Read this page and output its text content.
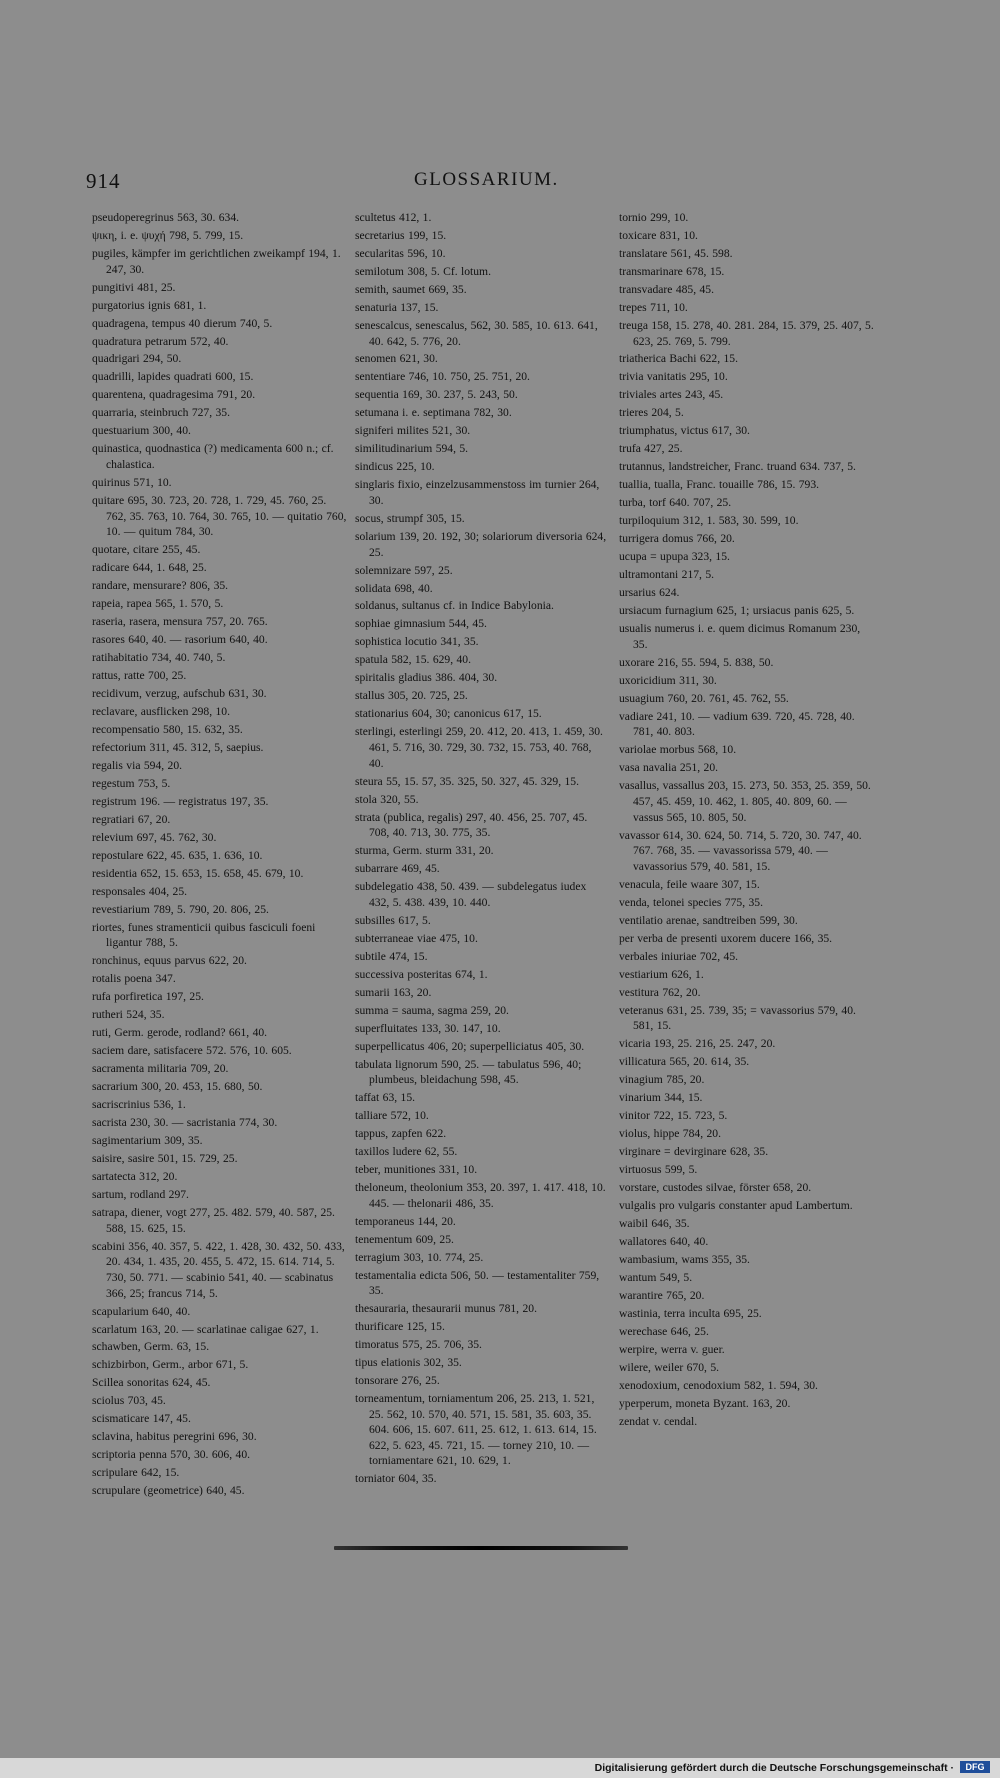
914	GLOSSARIUM.
pseudoperegrinus 563, 30. 634.
ψικη, i. e. ψυχή 798, 5. 799, 15.
pugiles, kämpfer im gerichtlichen zweikampf 194, 1. 247, 30.
pungitivi 481, 25.
purgatorius ignis 681, 1.
quadragena, tempus 40 dierum 740, 5.
quadratura petrarum 572, 40.
quadrigari 294, 50.
quadrilli, lapides quadrati 600, 15.
quarentena, quadragesima 791, 20.
quarraria, steinbruch 727, 35.
questuarium 300, 40.
quinastica, quodnastica (?) medicamenta 600 n.; cf. chalastica.
quirinus 571, 10.
quitare 695, 30. 723, 20. 728, 1. 729, 45. 760, 25. 762, 35. 763, 10. 764, 30. 765, 10. — quitatio 760, 10. — quitum 784, 30.
quotare, citare 255, 45.
radicare 644, 1. 648, 25.
randare, mensurare? 806, 35.
rapeia, rapea 565, 1. 570, 5.
raseria, rasera, mensura 757, 20. 765.
rasores 640, 40. — rasorium 640, 40.
ratihabitatio 734, 40. 740, 5.
rattus, ratte 700, 25.
recidivum, verzug, aufschub 631, 30.
reclavare, ausflicken 298, 10.
recompensatio 580, 15. 632, 35.
refectorium 311, 45. 312, 5, saepius.
regalis via 594, 20.
regestum 753, 5.
registrum 196. — registratus 197, 35.
regratiari 67, 20.
relevium 697, 45. 762, 30.
repostulare 622, 45. 635, 1. 636, 10.
residentia 652, 15. 653, 15. 658, 45. 679, 10.
responsales 404, 25.
revestiarium 789, 5. 790, 20. 806, 25.
riortes, funes stramenticii quibus fasciculi foeni ligantur 788, 5.
ronchinus, equus parvus 622, 20.
rotalis poena 347.
rufa porfiretica 197, 25.
rutheri 524, 35.
ruti, Germ. gerode, rodland? 661, 40.
saciem dare, satisfacere 572. 576, 10. 605.
sacramenta militaria 709, 20.
sacrarium 300, 20. 453, 15. 680, 50.
sacriscrinius 536, 1.
sacrista 230, 30. — sacristania 774, 30.
sagimentarium 309, 35.
saisire, sasire 501, 15. 729, 25.
sartatecta 312, 20.
sartum, rodland 297.
satrapa, diener, vogt 277, 25. 482. 579, 40. 587, 25. 588, 15. 625, 15.
scabini 356, 40. 357, 5. 422, 1. 428, 30. 432, 50. 433, 20. 434, 1. 435, 20. 455, 5. 472, 15. 614. 714, 5. 730, 50. 771. — scabinio 541, 40. — scabinatus 366, 25; francus 714, 5.
scapularium 640, 40.
scarlatum 163, 20. — scarlatinae caligae 627, 1.
schawben, Germ. 63, 15.
schizbirbon, Germ., arbor 671, 5.
Scillea sonoritas 624, 45.
sciolus 703, 45.
scismaticare 147, 45.
sclavina, habitus peregrini 696, 30.
scriptoria penna 570, 30. 606, 40.
scripulare 642, 15.
scrupulare (geometrice) 640, 45.
scultetus 412, 1.
secretarius 199, 15.
secularitas 596, 10.
semilotum 308, 5. Cf. lotum.
semith, saumet 669, 35.
senaturia 137, 15.
senescalcus, senescalus, 562, 30. 585, 10. 613. 641, 40. 642, 5. 776, 20.
senomen 621, 30.
sententiare 746, 10. 750, 25. 751, 20.
sequentia 169, 30. 237, 5. 243, 50.
setumana i. e. septimana 782, 30.
signiferi milites 521, 30.
similitudinarium 594, 5.
sindicus 225, 10.
singlaris fixio, einzelzusammenstoss im turnier 264, 30.
socus, strumpf 305, 15.
solarium 139, 20. 192, 30; solariorum diversoria 624, 25.
solemnizare 597, 25.
solidata 698, 40.
soldanus, sultanus cf. in Indice Babylonia.
sophiae gimnasium 544, 45.
sophistica locutio 341, 35.
spatula 582, 15. 629, 40.
spiritalis gladius 386. 404, 30.
stallus 305, 20. 725, 25.
stationarius 604, 30; canonicus 617, 15.
sterlingi, esterlingi 259, 20. 412, 20. 413, 1. 459, 30. 461, 5. 716, 30. 729, 30. 732, 15. 753, 40. 768, 40.
steura 55, 15. 57, 35. 325, 50. 327, 45. 329, 15.
stola 320, 55.
strata (publica, regalis) 297, 40. 456, 25. 707, 45. 708, 40. 713, 30. 775, 35.
sturma, Germ. sturm 331, 20.
subarrare 469, 45.
subdelegatio 438, 50. 439. — subdelegatus iudex 432, 5. 438. 439, 10. 440.
subsilles 617, 5.
subterraneae viae 475, 10.
subtile 474, 15.
successiva posteritas 674, 1.
sumarii 163, 20.
summa = sauma, sagma 259, 20.
superfluitates 133, 30. 147, 10.
superpellicatus 406, 20; superpelliciatus 405, 30.
tabulata lignorum 590, 25. — tabulatus 596, 40; plumbeus, bleidachung 598, 45.
taffat 63, 15.
talliare 572, 10.
tappus, zapfen 622.
taxillos ludere 62, 55.
teber, munitiones 331, 10.
theloneum, theolonium 353, 20. 397, 1. 417. 418, 10. 445. — thelonarii 486, 35.
temporaneus 144, 20.
tenementum 609, 25.
terragium 303, 10. 774, 25.
testamentalia edicta 506, 50. — testamentaliter 759, 35.
thesauraria, thesaurarii munus 781, 20.
thurificare 125, 15.
timoratus 575, 25. 706, 35.
tipus elationis 302, 35.
tonsorare 276, 25.
torneamentum, torniamentum 206, 25. 213, 1. 521, 25. 562, 10. 570, 40. 571, 15. 581, 35. 603, 35. 604. 606, 15. 607. 611, 25. 612, 1. 613. 614, 15. 622, 5. 623, 45. 721, 15. — torney 210, 10. — torniamentare 621, 10. 629, 1.
torniator 604, 35.
tornio 299, 10.
toxicare 831, 10.
translatare 561, 45. 598.
transmarinare 678, 15.
transvadare 485, 45.
trepes 711, 10.
treuga 158, 15. 278, 40. 281. 284, 15. 379, 25. 407, 5. 623, 25. 769, 5. 799.
triatherica Bachi 622, 15.
trivia vanitatis 295, 10.
triviales artes 243, 45.
trieres 204, 5.
triumphatus, victus 617, 30.
trufa 427, 25.
trutannus, landstreicher, Franc. truand 634. 737, 5.
tuallia, tualla, Franc. touaille 786, 15. 793.
turba, torf 640. 707, 25.
turpiloquium 312, 1. 583, 30. 599, 10.
turrigera domus 766, 20.
ucupa = upupa 323, 15.
ultramontani 217, 5.
ursarius 624.
ursiacum furnagium 625, 1; ursiacus panis 625, 5.
usualis numerus i. e. quem dicimus Romanum 230, 35.
uxorare 216, 55. 594, 5. 838, 50.
uxoricidium 311, 30.
usuagium 760, 20. 761, 45. 762, 55.
vadiare 241, 10. — vadium 639. 720, 45. 728, 40. 781, 40. 803.
variolae morbus 568, 10.
vasa navalia 251, 20.
vasallus, vassallus 203, 15. 273, 50. 353, 25. 359, 50. 457, 45. 459, 10. 462, 1. 805, 40. 809, 60. — vassus 565, 10. 805, 50.
vavassor 614, 30. 624, 50. 714, 5. 720, 30. 747, 40. 767. 768, 35. — vavassorissa 579, 40. — vavassorius 579, 40. 581, 15.
venacula, feile waare 307, 15.
venda, telonei species 775, 35.
ventilatio arenae, sandtreiben 599, 30.
per verba de presenti uxorem ducere 166, 35.
verbales iniuriae 702, 45.
vestiarium 626, 1.
vestitura 762, 20.
veteranus 631, 25. 739, 35; = vavassorius 579, 40. 581, 15.
vicaria 193, 25. 216, 25. 247, 20.
villicatura 565, 20. 614, 35.
vinagium 785, 20.
vinarium 344, 15.
vinitor 722, 15. 723, 5.
violus, hippe 784, 20.
virginare = devirginare 628, 35.
virtuosus 599, 5.
vorstare, custodes silvae, förster 658, 20.
vulgalis pro vulgaris constanter apud Lambertum.
waibil 646, 35.
wallatores 640, 40.
wambasium, wams 355, 35.
wantum 549, 5.
warantire 765, 20.
wastinia, terra inculta 695, 25.
werechase 646, 25.
werpire, werra v. guer.
wilere, weiler 670, 5.
xenodoxium, cenodoxium 582, 1. 594, 30.
yperperum, moneta Byzant. 163, 20.
zendat v. cendal.
Digitalisierung gefördert durch die Deutsche Forschungsgemeinschaft ·	DFG
